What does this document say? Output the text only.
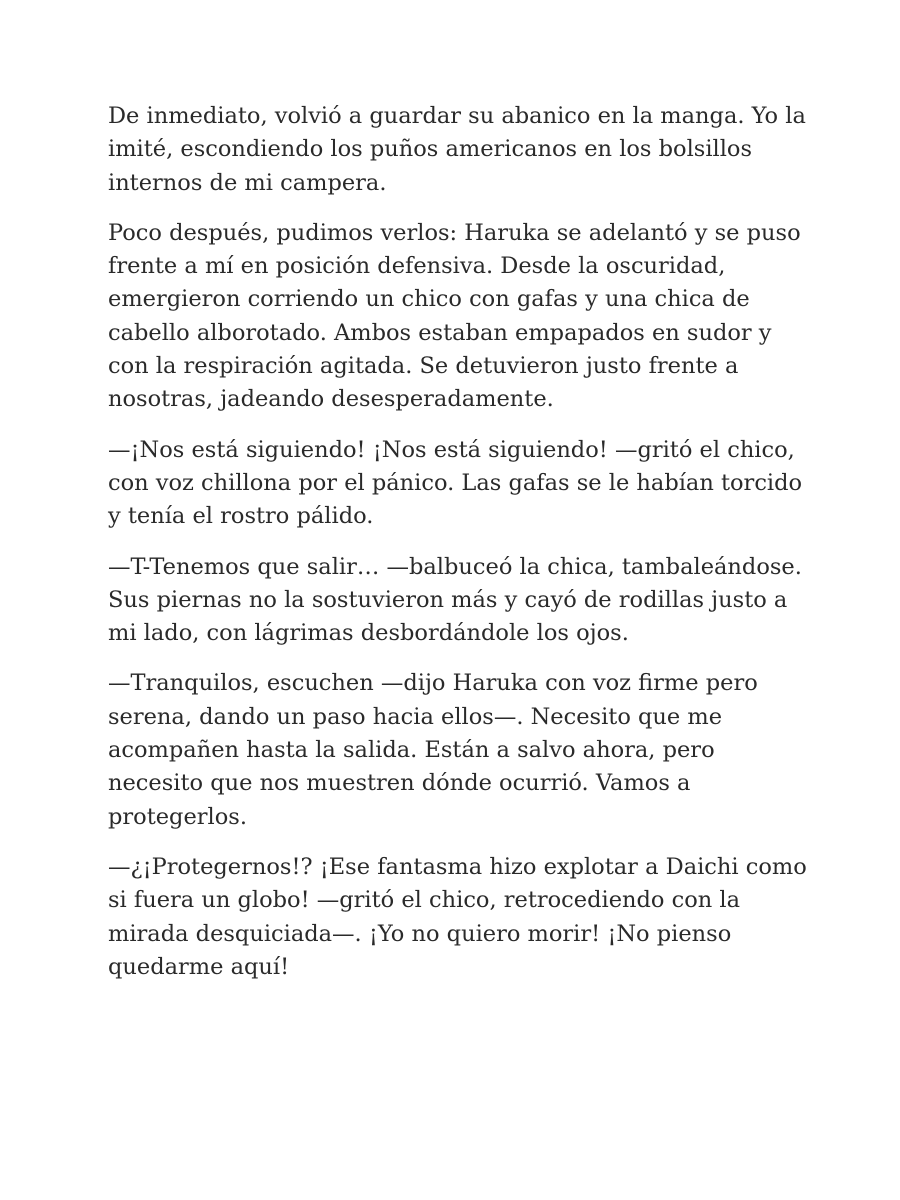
De inmediato, volvió a guardar su abanico en la manga. Yo la
imité, escondiendo los puños americanos en los bolsillos
internos de mi campera.

Poco después, pudimos verlos: Haruka se adelantó y se puso
frente a mí en posición defensiva. Desde la oscuridad,
emergieron corriendo un chico con gafas y una chica de
cabello alborotado. Ambos estaban empapados en sudor y
con la respiración agitada. Se detuvieron justo frente a
nosotras, jadeando desesperadamente.

—¡Nos está siguiendo! ¡Nos está siguiendo! —gritó el chico,
con voz chillona por el pánico. Las gafas se le habían torcido
y tenía el rostro pálido.

—T-Tenemos que salir… —balbuceó la chica, tambaleándose.
Sus piernas no la sostuvieron más y cayó de rodillas justo a
mi lado, con lágrimas desbordándole los ojos.

—Tranquilos, escuchen —dijo Haruka con voz firme pero
serena, dando un paso hacia ellos—. Necesito que me
acompañen hasta la salida. Están a salvo ahora, pero
necesito que nos muestren dónde ocurrió. Vamos a
protegerlos.

—¿¡Protegernos!? ¡Ese fantasma hizo explotar a Daichi como
si fuera un globo! —gritó el chico, retrocediendo con la
mirada desquiciada—. ¡Yo no quiero morir! ¡No pienso
quedarme aquí!
